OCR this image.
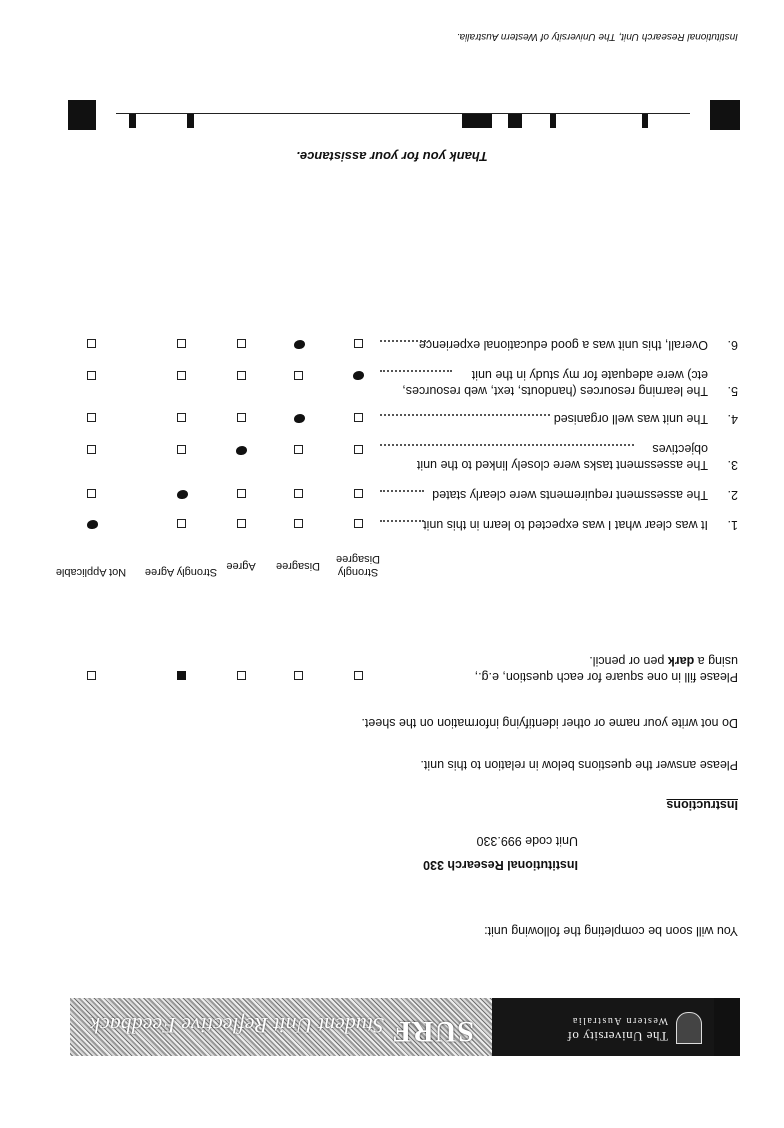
The University of
Western Australia
SURF
Student Unit Reflective Feedback
You will soon be completing the following unit:
Institutional Research 330
Unit code 999.330
Instructions
Please answer the questions below in relation to this unit.
Do not write your name or other identifying information on the sheet.
Please fill in one square for each question, e.g.,
using a dark pen or pencil.
Strongly Disagree
Disagree
Agree
Strongly Agree
Not Applicable
1.
It was clear what I was expected to learn in this unit
2.
The assessment requirements were clearly stated
3.
The assessment tasks were closely linked to the unit
objectives
4.
The unit was well organised
5.
The learning resources (handouts, text, web resources,
etc) were adequate for my study in the unit
6.
Overall, this unit was a good educational experience
Thank you for your assistance.
Institutional Research Unit, The University of Western Australia.
